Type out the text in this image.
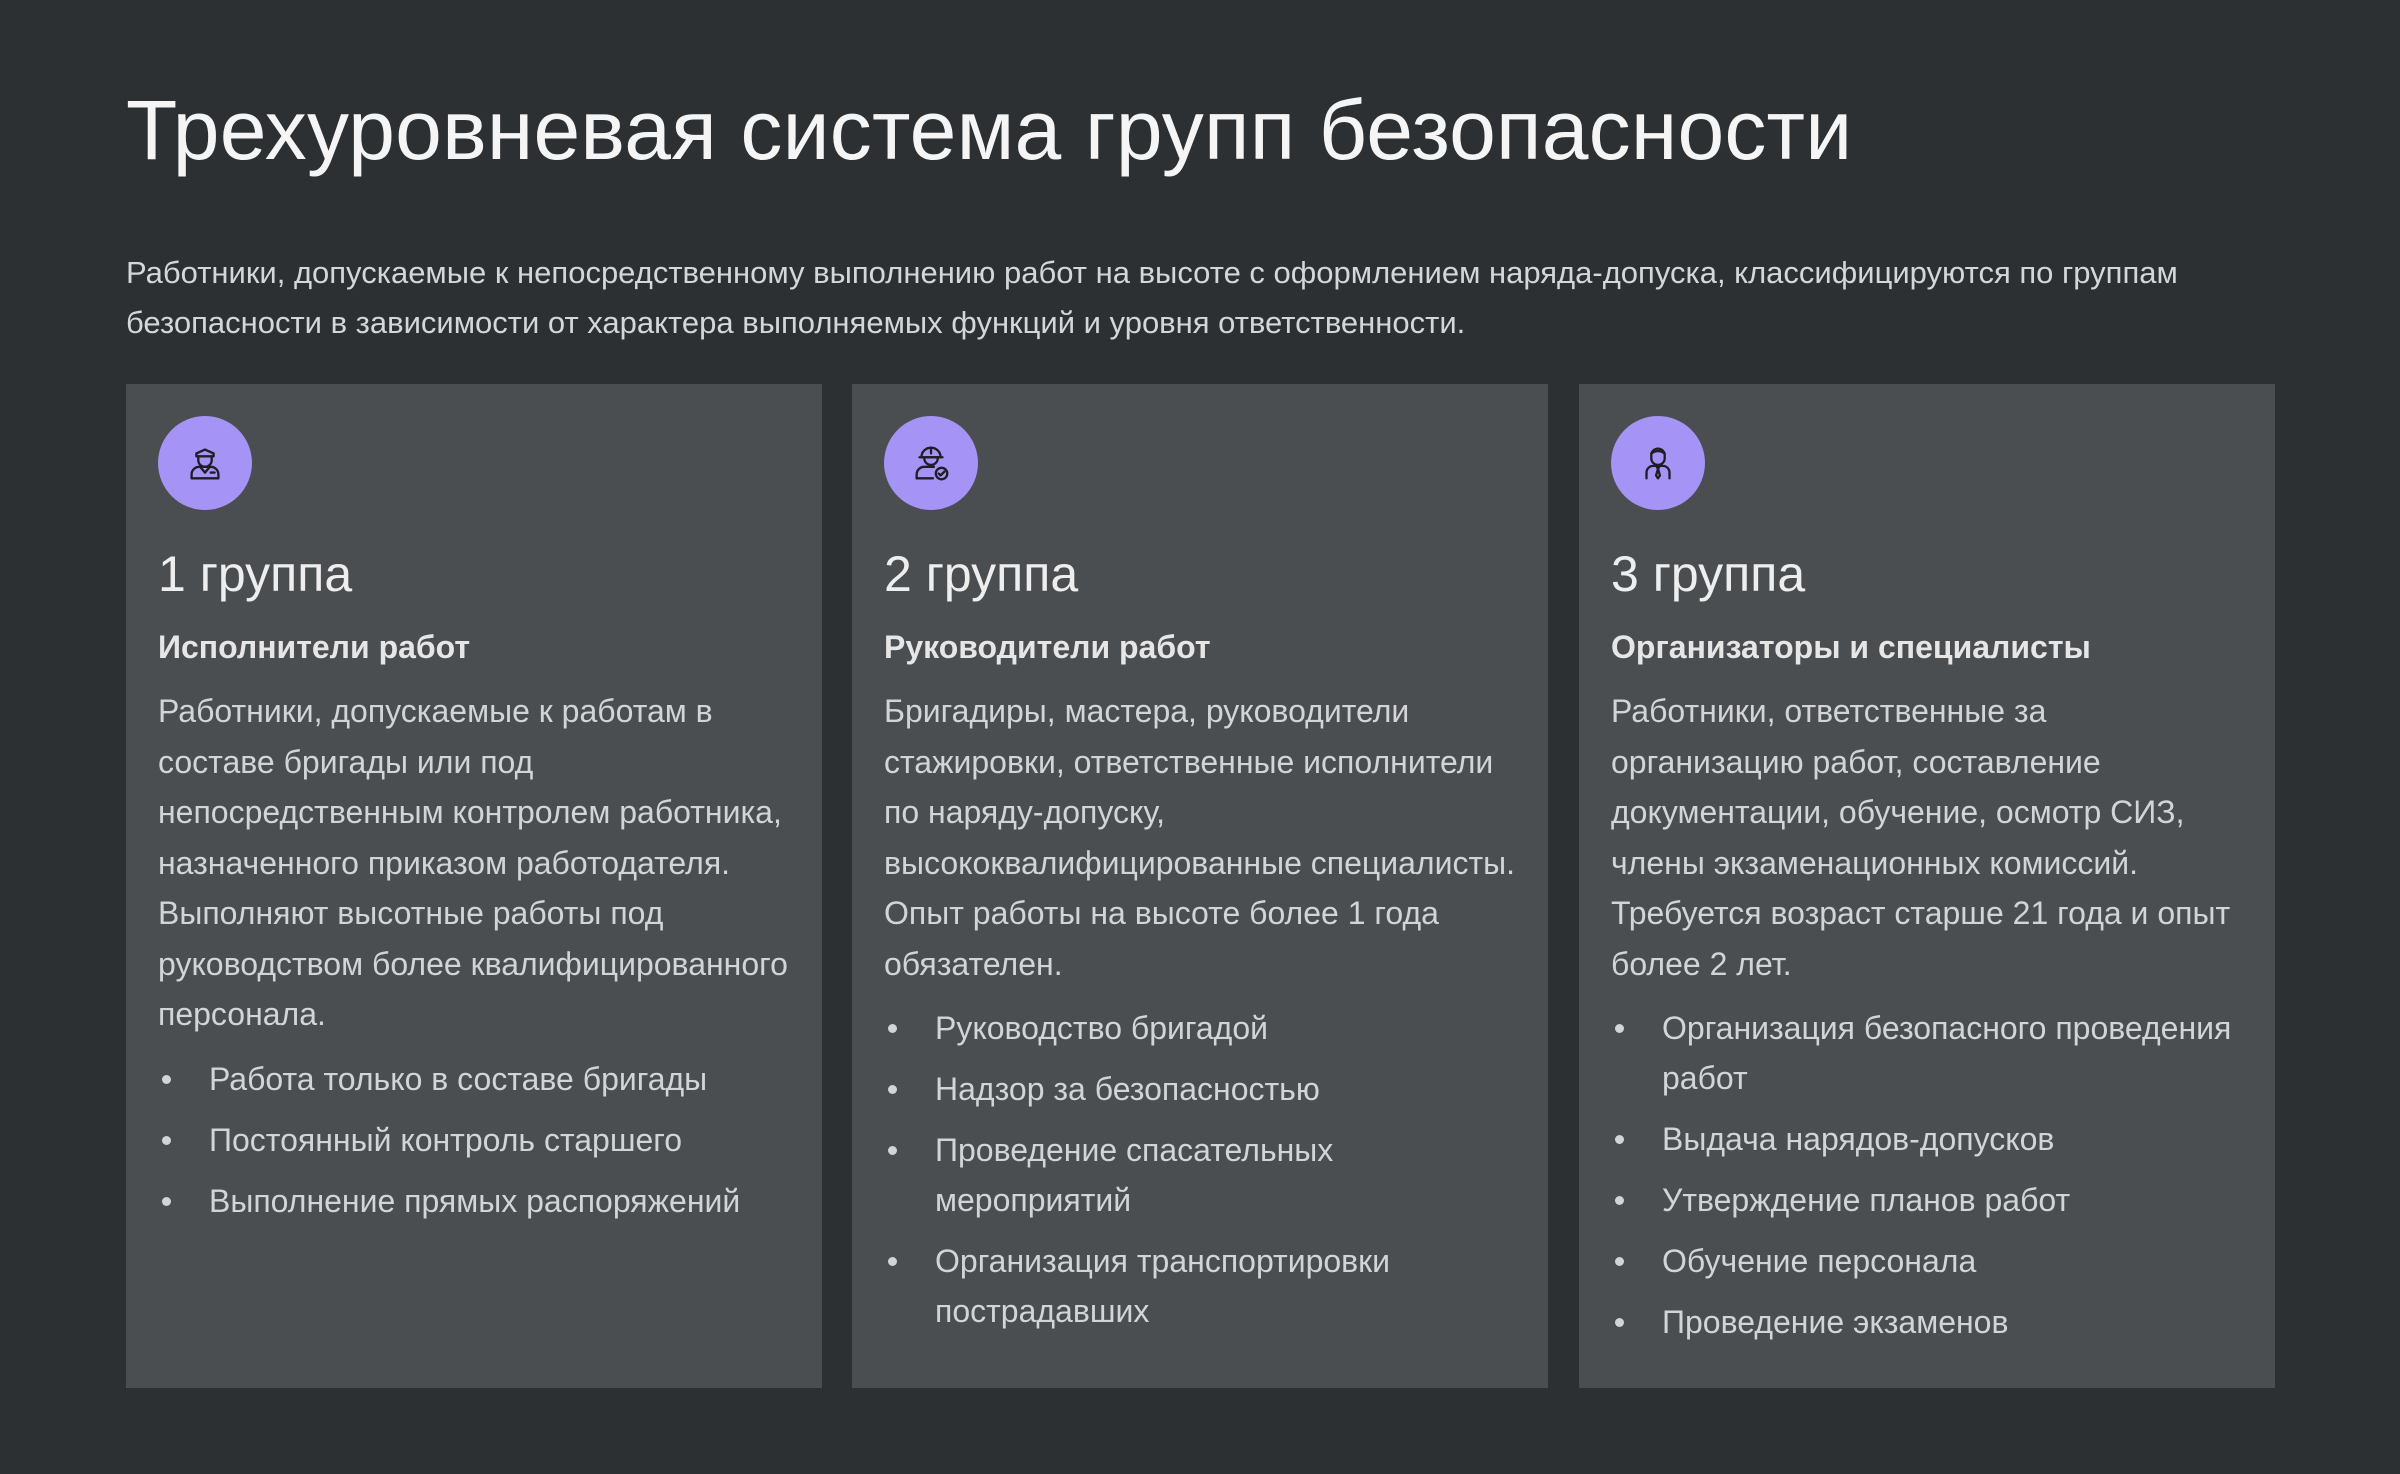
Трехуровневая система групп безопасности

Работники, допускаемые к непосредственному выполнению работ на высоте с оформлением наряда-допуска, классифицируются по группам безопасности в зависимости от характера выполняемых функций и уровня ответственности.

1 группа
Исполнители работ

Работники, допускаемые к работам в составе бригады или под непосредственным контролем работника, назначенного приказом работодателя. Выполняют высотные работы под руководством более квалифицированного персонала.

Работа только в составе бригады
Постоянный контроль старшего
Выполнение прямых распоряжений
2 группа
Руководители работ

Бригадиры, мастера, руководители стажировки, ответственные исполнители по наряду-допуску, высококвалифицированные специалисты. Опыт работы на высоте более 1 года обязателен.

Руководство бригадой
Надзор за безопасностью
Проведение спасательных мероприятий
Организация транспортировки пострадавших
3 группа
Организаторы и специалисты

Работники, ответственные за организацию работ, составление документации, обучение, осмотр СИЗ, члены экзаменационных комиссий. Требуется возраст старше 21 года и опыт более 2 лет.

Организация безопасного проведения работ
Выдача нарядов-допусков
Утверждение планов работ
Обучение персонала
Проведение экзаменов
